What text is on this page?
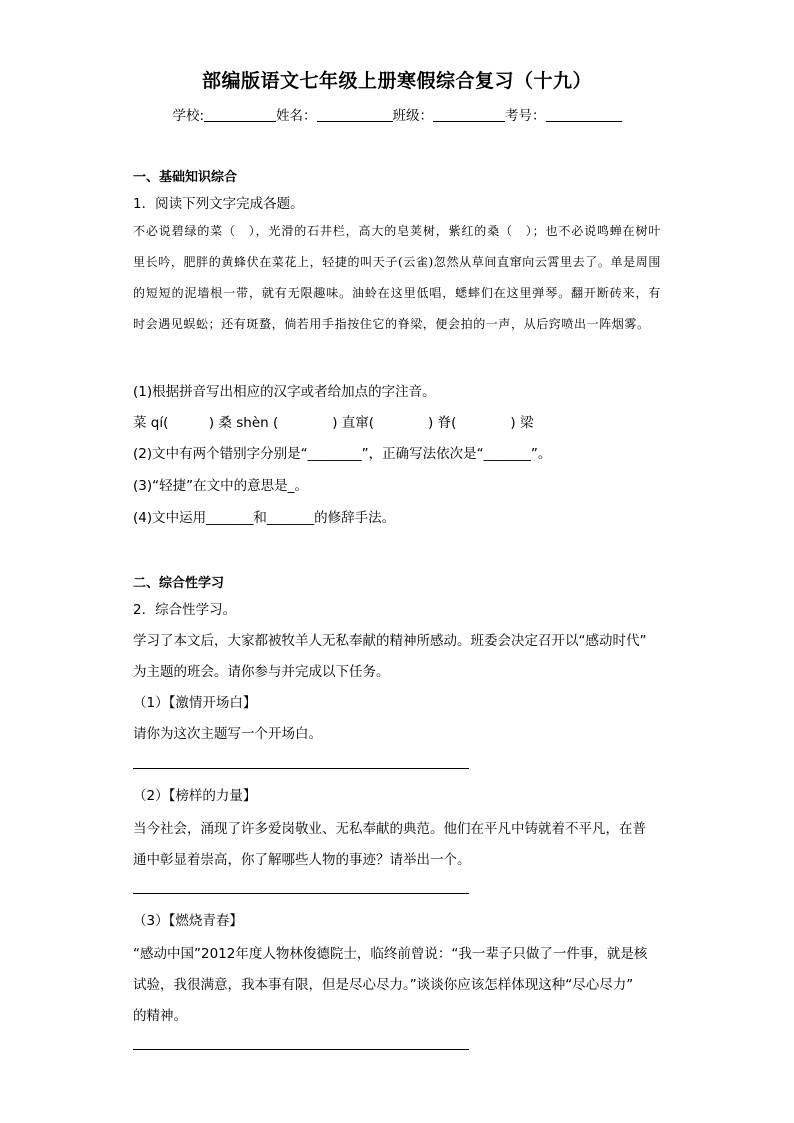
部编版语文七年级上册寒假综合复习（十九）
学校:	姓名：	班级：	考号：
一、基础知识综合
1．阅读下列文字完成各题。
不必说碧绿的菜（　），光滑的石井栏，高大的皂荚树，紫红的桑（　）；也不必说鸣蝉在树叶里长吟，肥胖的黄蜂伏在菜花上，轻捷的叫天子(云雀)忽然从草间直窜向云霄里去了。单是周围的短短的泥墙根一带，就有无限趣味。油蛉在这里低唱，蟋蟀们在这里弹琴。翻开断砖来，有时会遇见蜈蚣；还有斑蝥，倘若用手指按住它的脊梁，便会拍的一声，从后窍喷出一阵烟雾。
(1)根据拼音写出相应的汉字或者给加点的字注音。
菜 qí(　　　) 桑 shèn (　　　　) 直窜(　　　　) 脊(　　　　) 梁
(2)文中有两个错别字分别是“________”，正确写法依次是“_______”。
(3)“轻捷”在文中的意思是_。
(4)文中运用_______和_______的修辞手法。
二、综合性学习
2．综合性学习。
学习了本文后，大家都被牧羊人无私奉献的精神所感动。班委会决定召开以“感动时代”
为主题的班会。请你参与并完成以下任务。
（1）【激情开场白】
请你为这次主题写一个开场白。
（2）【榜样的力量】
当今社会，涌现了许多爱岗敬业、无私奉献的典范。他们在平凡中铸就着不平凡，在普
通中彰显着崇高，你了解哪些人物的事迹？请举出一个。
（3）【燃烧青春】
“感动中国”2012年度人物林俊德院士，临终前曾说：“我一辈子只做了一件事，就是核
试验，我很满意，我本事有限，但是尽心尽力。”谈谈你应该怎样体现这种“尽心尽力”
的精神。
